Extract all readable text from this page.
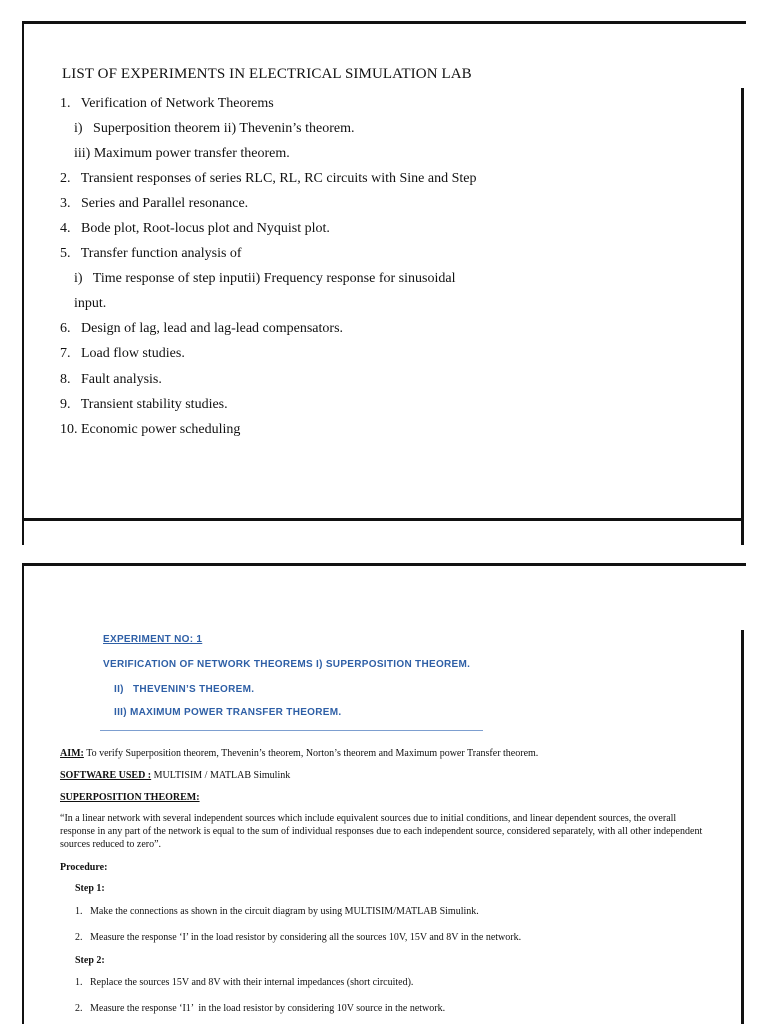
LIST OF EXPERIMENTS IN ELECTRICAL SIMULATION LAB
1.   Verification of Network Theorems
i)   Superposition theorem ii) Thevenin’s theorem.
iii) Maximum power transfer theorem.
2.   Transient responses of series RLC, RL, RC circuits with Sine and Step
3.   Series and Parallel resonance.
4.   Bode plot, Root-locus plot and Nyquist plot.
5.   Transfer function analysis of
i)   Time response of step inputii) Frequency response for sinusoidal
input.
6.   Design of lag, lead and lag-lead compensators.
7.   Load flow studies.
8.   Fault analysis.
9.   Transient stability studies.
10. Economic power scheduling
EXPERIMENT NO: 1
VERIFICATION OF NETWORK THEOREMS I) SUPERPOSITION THEOREM.
II)   THEVENIN’S THEOREM.
III) MAXIMUM POWER TRANSFER THEOREM.
AIM: To verify Superposition theorem, Thevenin’s theorem, Norton’s theorem and Maximum power Transfer theorem.
SOFTWARE USED : MULTISIM / MATLAB Simulink
SUPERPOSITION THEOREM:
“In a linear network with several independent sources which include equivalent sources due to initial conditions, and linear dependent sources, the overall response in any part of the network is equal to the sum of individual responses due to each independent source, considered separately, with all other independent sources reduced to zero”.
Procedure:
Step 1:
1.   Make the connections as shown in the circuit diagram by using MULTISIM/MATLAB Simulink.
2.   Measure the response ‘I’ in the load resistor by considering all the sources 10V, 15V and 8V in the network.
Step 2:
1.   Replace the sources 15V and 8V with their internal impedances (short circuited).
2.   Measure the response ‘I1’  in the load resistor by considering 10V source in the network.
